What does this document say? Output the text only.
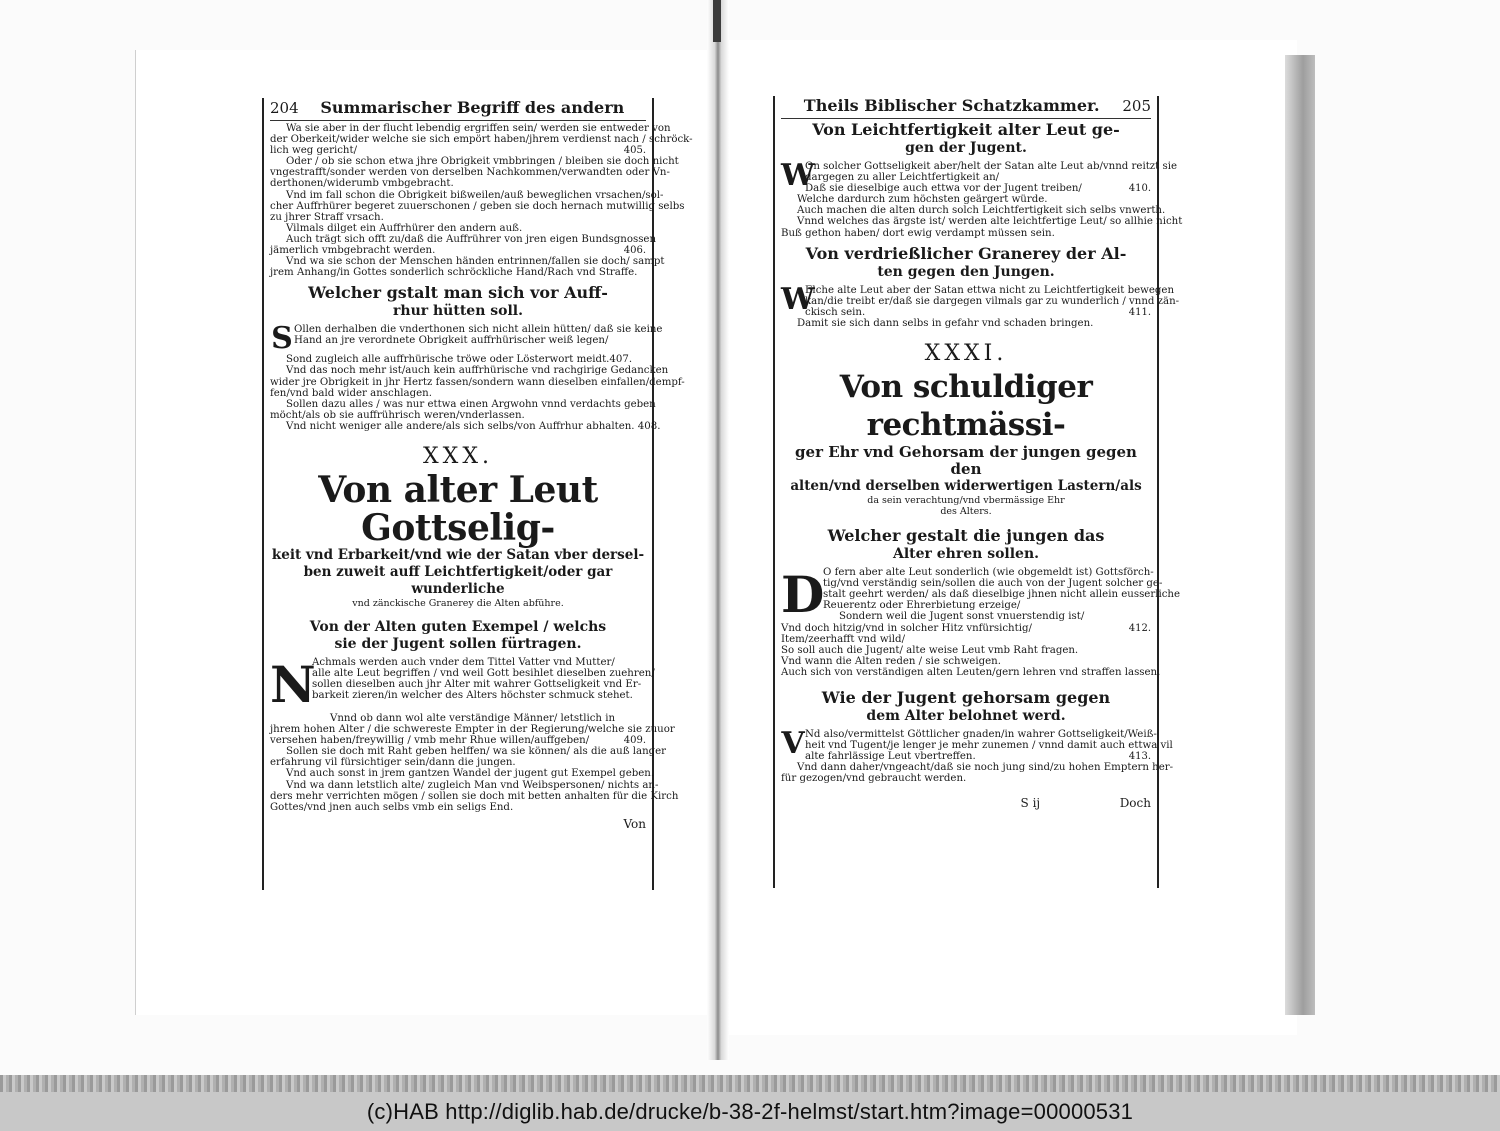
204	Summarischer Begriff des andern
Wa sie aber in der flucht lebendig ergriffen sein/ werden sie entweder von
der Oberkeit/wider welche sie sich empört haben/jhrem verdienst nach / schröck-
405.
lich weg gericht/
Oder / ob sie schon etwa jhre Obrigkeit vmbbringen / bleiben sie doch nicht
vngestrafft/sonder werden von derselben Nachkommen/verwandten oder Vn-
derthonen/widerumb vmbgebracht.
Vnd im fall schon die Obrigkeit bißweilen/auß beweglichen vrsachen/sol-
cher Auffrhürer begeret zuuerschonen / geben sie doch hernach mutwillig selbs
zu jhrer Straff vrsach.
Vilmals dilget ein Auffrhürer den andern auß.
Auch trägt sich offt zu/daß die Auffrührer von jren eigen Bundsgnossen
406.
jämerlich vmbgebracht werden.
Vnd wa sie schon der Menschen händen entrinnen/fallen sie doch/ sampt
jrem Anhang/in Gottes sonderlich schröckliche Hand/Rach vnd Straffe.
Welcher gstalt man sich vor Auff-
rhur hütten soll.
S Ollen derhalben die vnderthonen sich nicht allein hütten/ daß sie keine
Hand an jre verordnete Obrigkeit auffrhürischer weiß legen/
Sond zugleich alle auffrhürische tröwe oder Lösterwort meidt.407.
Vnd das noch mehr ist/auch kein auffrhürische vnd rachgirige Gedancken
wider jre Obrigkeit in jhr Hertz fassen/sondern wann dieselben einfallen/dempf-
fen/vnd bald wider anschlagen.
Sollen dazu alles / was nur ettwa einen Argwohn vnnd verdachts geben
möcht/als ob sie auffrührisch weren/vnderlassen.
Vnd nicht weniger alle andere/als sich selbs/von Auffrhur abhalten. 408.
XXX.
Von alter Leut Gottselig-
keit vnd Erbarkeit/vnd wie der Satan vber dersel-
ben zuweit auff Leichtfertigkeit/oder gar wunderliche
vnd zänckische Granerey die Alten abführe.
Von der Alten guten Exempel / welchs
sie der Jugent sollen fürtragen.
N
Achmals werden auch vnder dem Tittel Vatter vnd Mutter/
alle alte Leut begriffen / vnd weil Gott besihlet dieselben zuehren/
sollen dieselben auch jhr Alter mit wahrer Gottseligkeit vnd Er-
barkeit zieren/in welcher des Alters höchster schmuck stehet.
Vnnd ob dann wol alte verständige Männer/ letstlich in
jhrem hohen Alter / die schwereste Empter in der Regierung/welche sie zuuor
409.
versehen haben/freywillig / vmb mehr Rhue willen/auffgeben/
Sollen sie doch mit Raht geben helffen/ wa sie können/ als die auß langer
erfahrung vil fürsichtiger sein/dann die jungen.
Vnd auch sonst in jrem gantzen Wandel der jugent gut Exempel geben.
Vnd wa dann letstlich alte/ zugleich Man vnd Weibspersonen/ nichts an-
ders mehr verrichten mögen / sollen sie doch mit betten anhalten für die Kirch
Gottes/vnd jnen auch selbs vmb ein seligs End.
Von
Theils Biblischer Schatzkammer.	205
Von Leichtfertigkeit alter Leut ge-
gen der Jugent.
W
On solcher Gottseligkeit aber/helt der Satan alte Leut ab/vnnd reitzt sie
dargegen zu aller Leichtfertigkeit an/
410.
Daß sie dieselbige auch ettwa vor der Jugent treiben/
Welche dardurch zum höchsten geärgert würde.
Auch machen die alten durch solch Leichtfertigkeit sich selbs vnwerth.
Vnnd welches das ärgste ist/ werden alte leichtfertige Leut/ so allhie nicht
Buß gethon haben/ dort ewig verdampt müssen sein.
Von verdrießlicher Granerey der Al-
ten gegen den Jungen.
W
Elche alte Leut aber der Satan ettwa nicht zu Leichtfertigkeit bewegen
kan/die treibt er/daß sie dargegen vilmals gar zu wunderlich / vnnd zän-
411.
ckisch sein.
Damit sie sich dann selbs in gefahr vnd schaden bringen.
XXXI.
Von schuldiger rechtmässi-
ger Ehr vnd Gehorsam der jungen gegen den
alten/vnd derselben widerwertigen Lastern/als
da sein verachtung/vnd vbermässige Ehr
des Alters.
Welcher gestalt die jungen das
Alter ehren sollen.
D
O fern aber alte Leut sonderlich (wie obgemeldt ist) Gottsförch-
tig/vnd verständig sein/sollen die auch von der Jugent solcher ge-
stalt geehrt werden/ als daß dieselbige jhnen nicht allein eusserliche
Reuerentz oder Ehrerbietung erzeige/
Sondern weil die Jugent sonst vnuerstendig ist/
412.
Vnd doch hitzig/vnd in solcher Hitz vnfürsichtig/
Item/zeerhafft vnd wild/
So soll auch die Jugent/ alte weise Leut vmb Raht fragen.
Vnd wann die Alten reden / sie schweigen.
Auch sich von verständigen alten Leuten/gern lehren vnd straffen lassen.
Wie der Jugent gehorsam gegen
dem Alter belohnet werd.
V Nd also/vermittelst Göttlicher gnaden/in wahrer Gottseligkeit/Weiß-
heit vnd Tugent/je lenger je mehr zunemen / vnnd damit auch ettwa vil
413.
alte fahrlässige Leut vbertreffen.
Vnd dann daher/vngeacht/daß sie noch jung sind/zu hohen Emptern her-
für gezogen/vnd gebraucht werden.
S ij	Doch
(c)HAB http://diglib.hab.de/drucke/b-38-2f-helmst/start.htm?image=00000531
